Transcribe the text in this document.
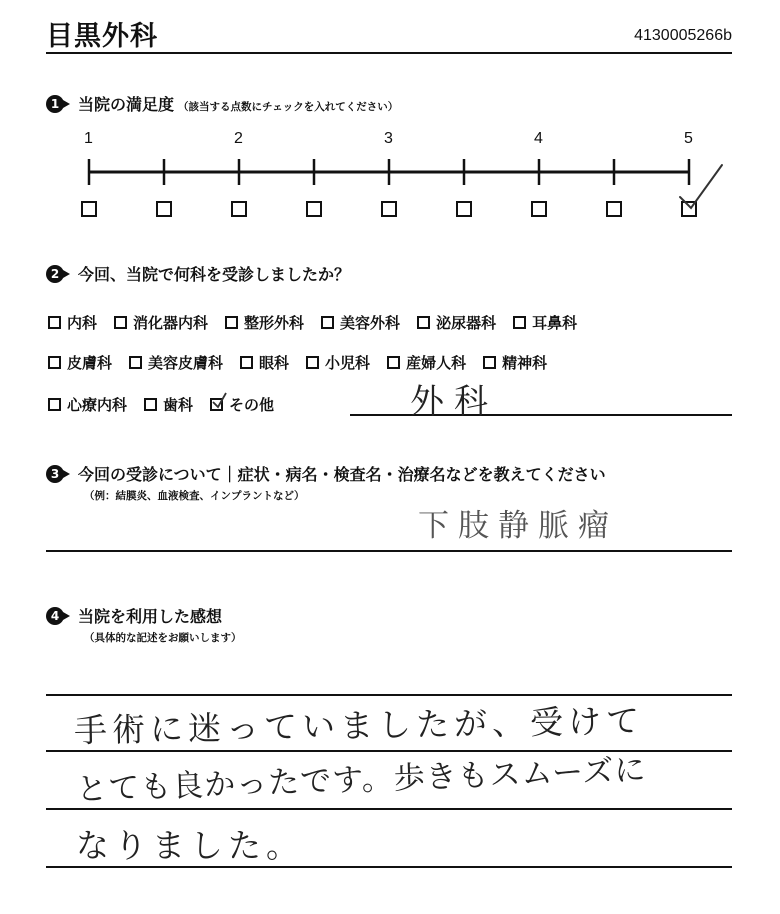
目黒外科	4130005266b
1	当院の満足度 （該当する点数にチェックを入れてください）
1	2	3	4	5
2	今回、当院で何科を受診しましたか？
内科 消化器内科 整形外科 美容外科 泌尿器科 耳鼻科
皮膚科 美容皮膚科 眼科 小児科 産婦人科 精神科
心療内科 歯科 その他	外科
3	今回の受診について｜症状・病名・検査名・治療名などを教えてください
（例：結膜炎、血液検査、インプラントなど）
下肢静脈瘤
4	当院を利用した感想
（具体的な記述をお願いします）
手術に迷っていましたが、受けて
とても良かったです。歩きもスムーズに
なりました。
